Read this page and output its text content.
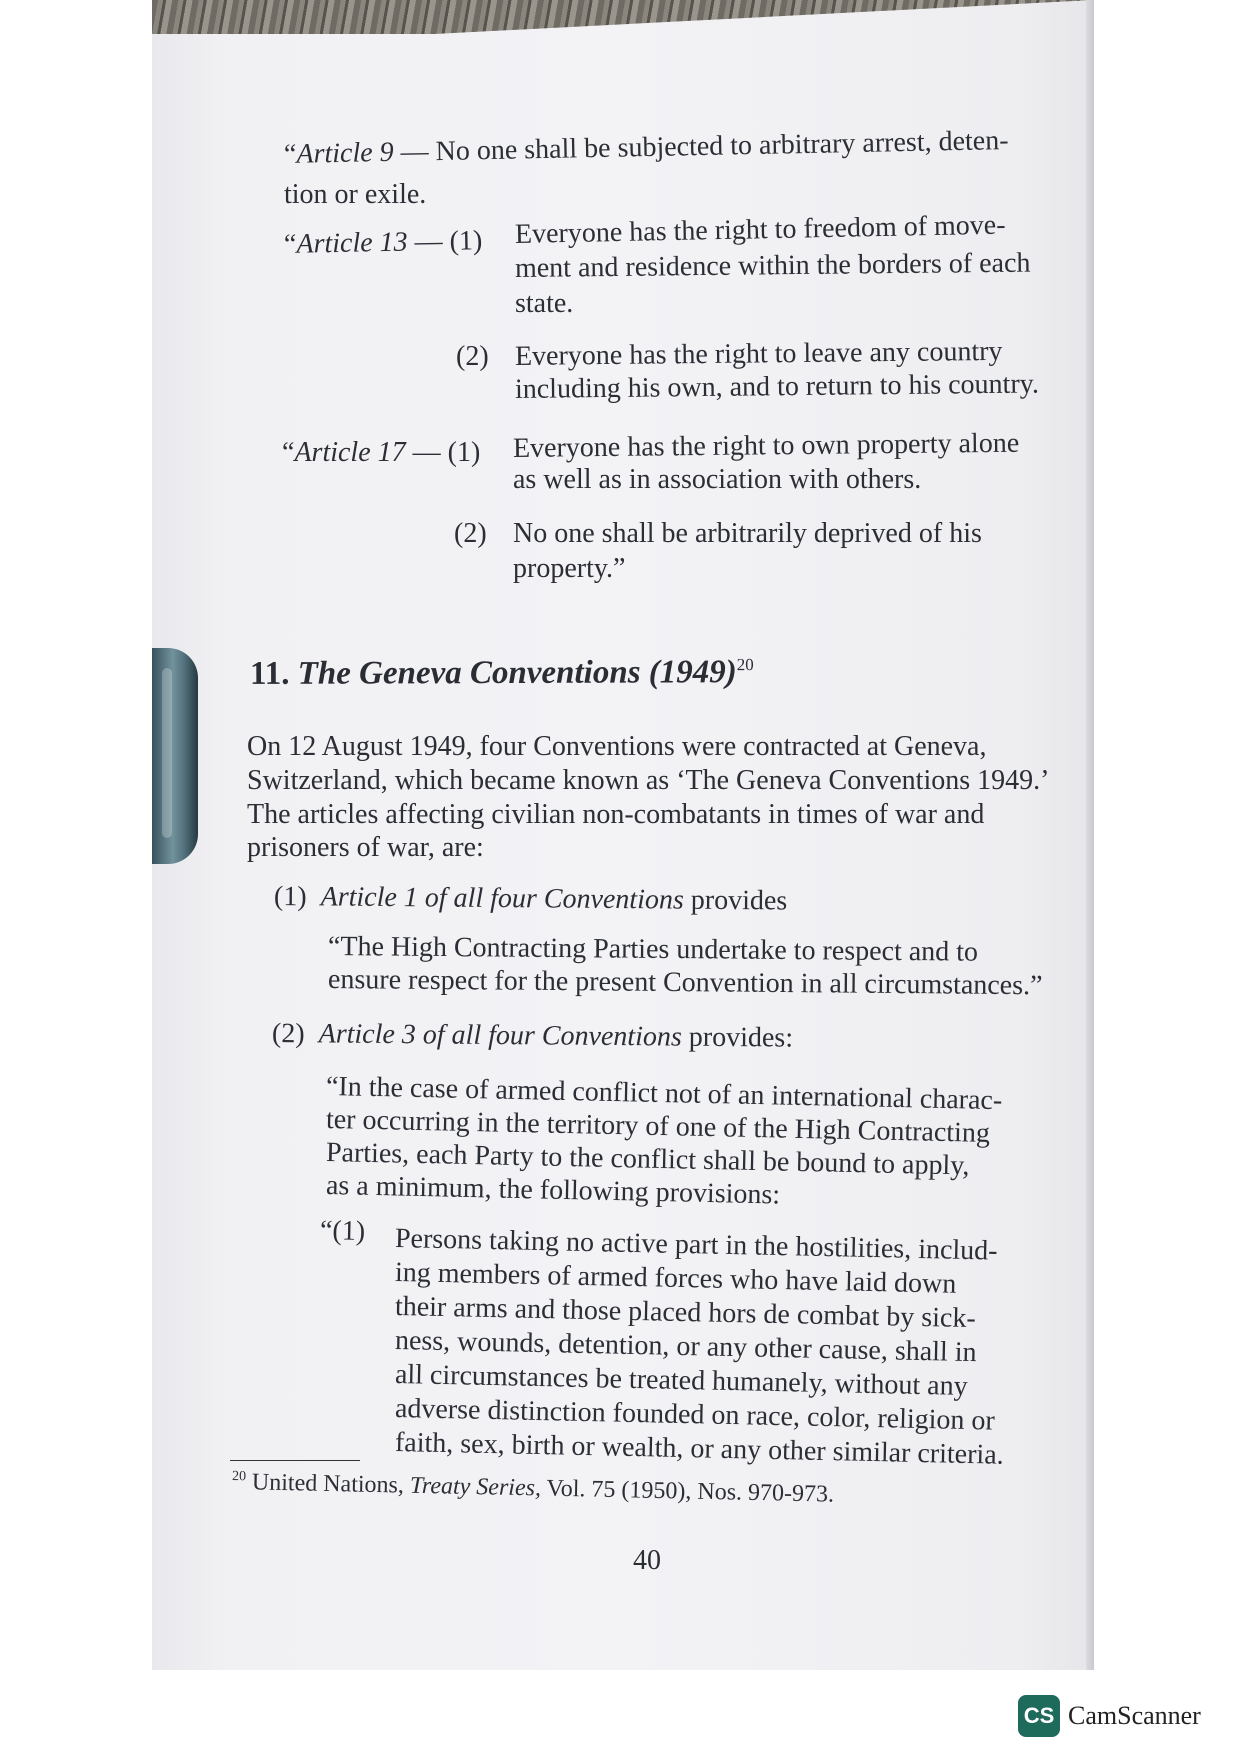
“Article 9 — No one shall be subjected to arbitrary arrest, deten-
tion or exile.
“Article 13 — (1) Everyone has the right to freedom of move-
ment and residence within the borders of each
state.
(2) Everyone has the right to leave any country
including his own, and to return to his country.
“Article 17 — (1) Everyone has the right to own property alone
as well as in association with others.
(2) No one shall be arbitrarily deprived of his
property.”
11. The Geneva Conventions $(1949)^{20}$
On 12 August 1949, four Conventions were contracted at Geneva,
Switzerland, which became known as ‘The Geneva Conventions 1949.’
The articles affecting civilian non-combatants in times of war and
prisoners of war, are:
(1) Article 1 of all four Conventions provides
“The High Contracting Parties undertake to respect and to
ensure respect for the present Convention in all circumstances.”
(2) Article 3 of all four Conventions provides:
“In the case of armed conflict not of an international charac-
ter occurring in the territory of one of the High Contracting
Parties, each Party to the conflict shall be bound to apply,
as a minimum, the following provisions:
“(1) Persons taking no active part in the hostilities, includ-
ing members of armed forces who have laid down
their arms and those placed hors de combat by sick-
ness, wounds, detention, or any other cause, shall in
all circumstances be treated humanely, without any
adverse distinction founded on race, color, religion or
faith, sex, birth or wealth, or any other similar criteria.
$^{20}$ United Nations, Treaty Series, Vol. 75 (1950), Nos. 970-973.
40
CS CamScanner
